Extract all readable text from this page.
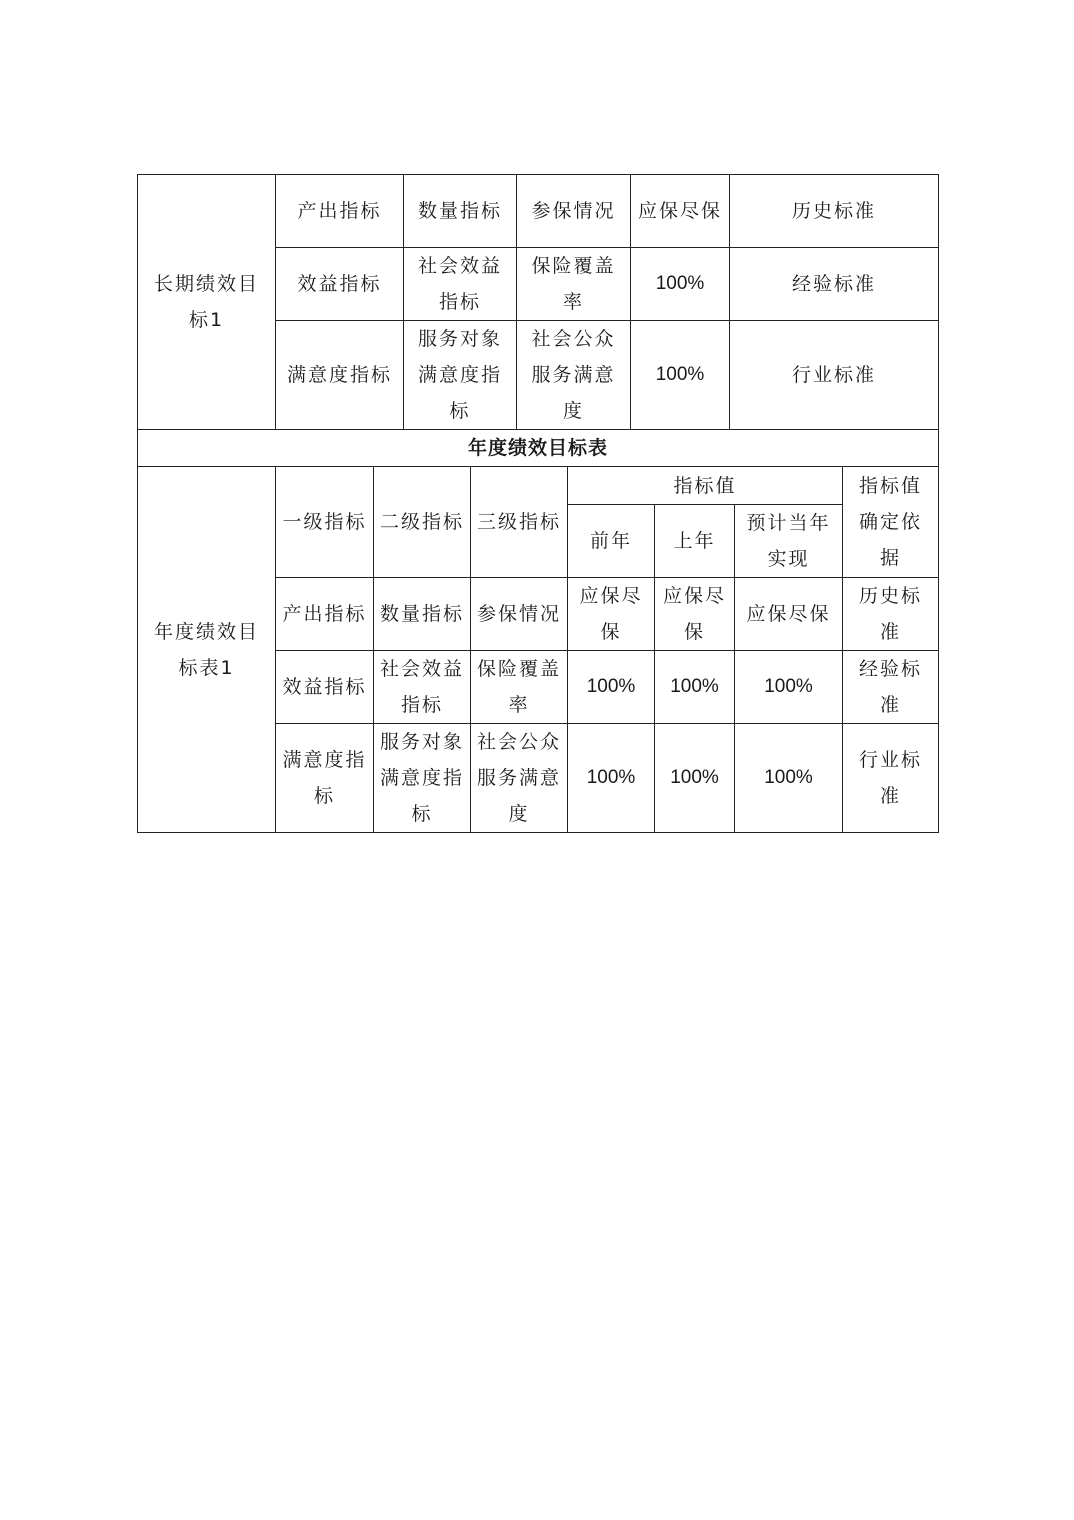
长期绩效目标1	产出指标	数量指标	参保情况	应保尽保	历史标准
	效益指标	社会效益指标	保险覆盖率	100%	经验标准
	满意度指标	服务对象满意度指标	社会公众服务满意度	100%	行业标准
年度绩效目标表							
年度绩效目标表1	一级指标	二级指标	三级指标	指标值			指标值确定依据
				前年	上年	预计当年实现	
	产出指标	数量指标	参保情况	应保尽保	应保尽保	应保尽保	历史标准
	效益指标	社会效益指标	保险覆盖率	100%	100%	100%	经验标准
	满意度指标	服务对象满意度指标	社会公众服务满意度	100%	100%	100%	行业标准
